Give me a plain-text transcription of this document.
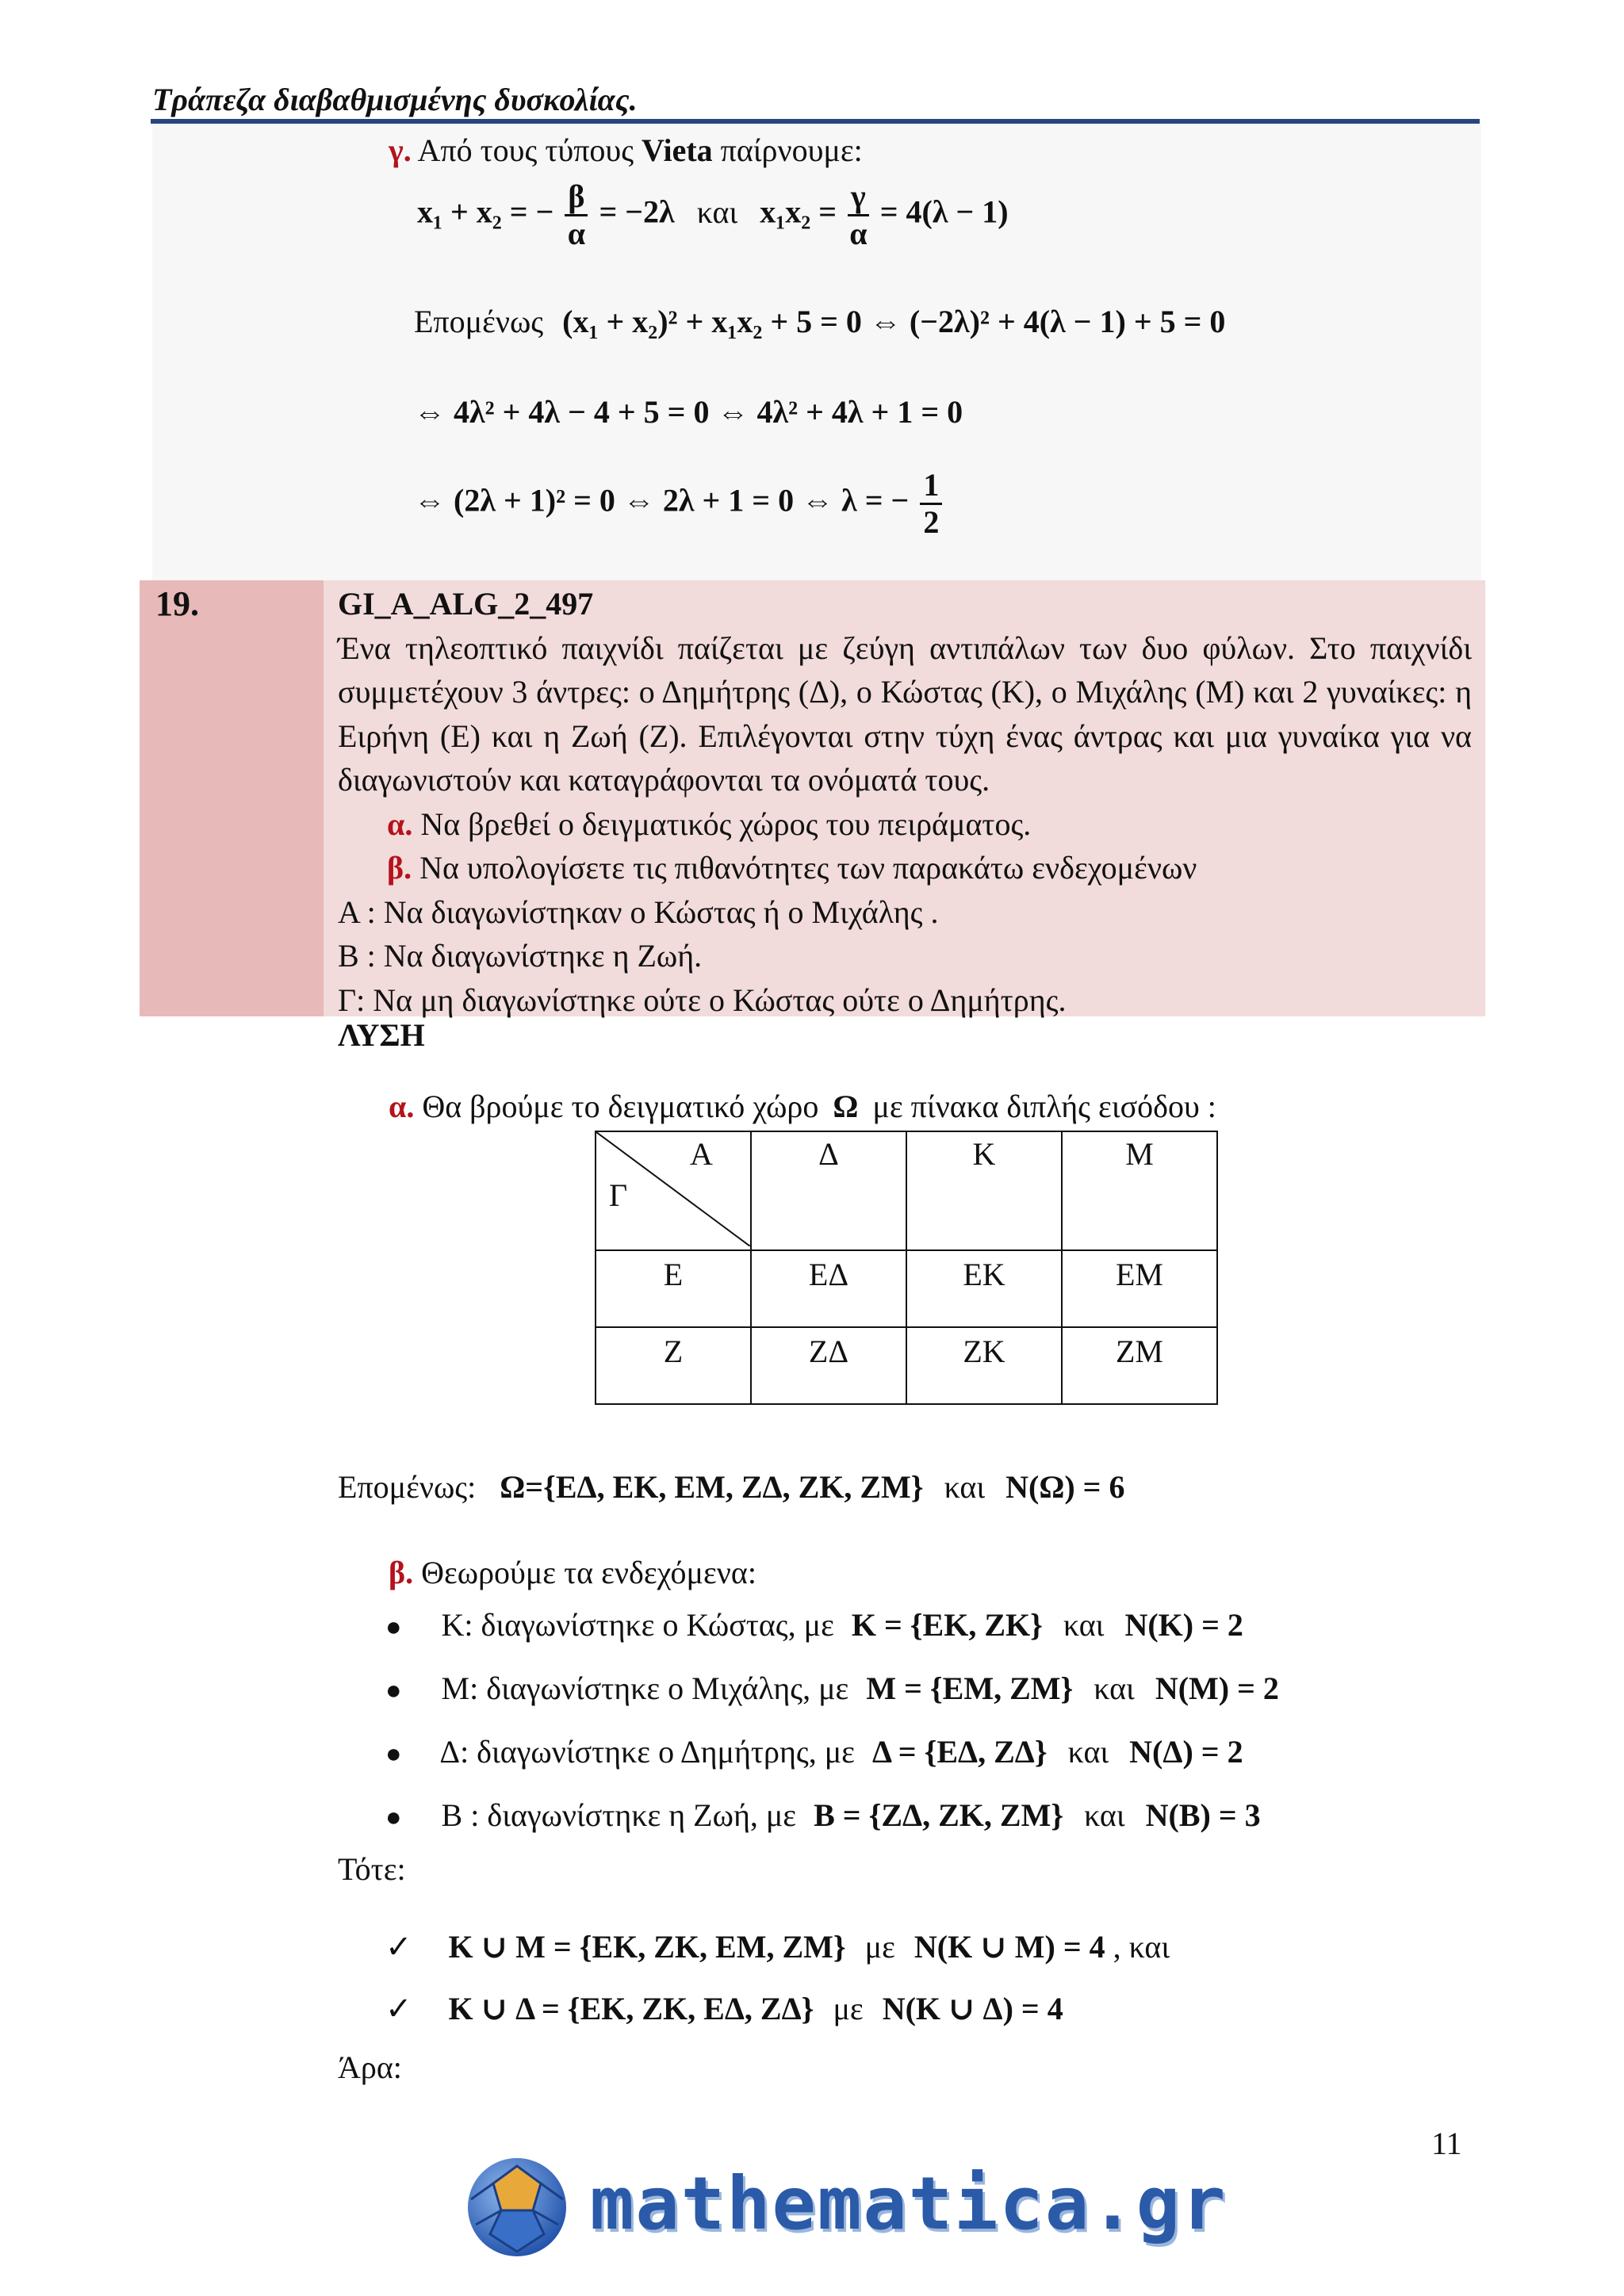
Τράπεζα διαβαθμισμένης δυσκολίας.
γ. Από τους τύπους Vieta παίρνουμε:
x₁ + x₂ = − $\frac{\beta}{\alpha} = -2\lambda$ και $x_1x_2 = \frac{\gamma}{\alpha} = 4(\lambda - 1)$
Επομένως (x₁ + x₂)² + x₁x₂ + 5 = 0 ⇔ (−2λ)² + 4(λ − 1) + 5 = 0
⇔ 4λ² + 4λ − 4 + 5 = 0 ⇔ 4λ² + 4λ + 1 = 0
⇔ (2λ + 1)² = 0 ⇔ 2λ + 1 = 0 ⇔ λ = − $\frac{1}{2}$
19.	GI_A_ALG_2_497

Ένα τηλεοπτικό παιχνίδι παίζεται με ζεύγη αντιπάλων των δυο φύλων. Στο παιχνίδι συμμετέχουν 3 άντρες: ο Δημήτρης (Δ), ο Κώστας (Κ), ο Μιχάλης (Μ) και 2 γυναίκες: η Ειρήνη (Ε) και η Ζωή (Ζ). Επιλέγονται στην τύχη ένας άντρας και μια γυναίκα για να διαγωνιστούν και καταγράφονται τα ονόματά τους.

α. Να βρεθεί ο δειγματικός χώρος του πειράματος.

β. Να υπολογίσετε τις πιθανότητες των παρακάτω ενδεχομένων

Α : Να διαγωνίστηκαν ο Κώστας ή ο Μιχάλης .

Β : Να διαγωνίστηκε η Ζωή.

Γ: Να μη διαγωνίστηκε ούτε ο Κώστας ούτε ο Δημήτρης.

ΛΥΣΗ
α. Θα βρούμε το δειγματικό χώρο Ω με πίνακα διπλής εισόδου :
Α
Γ	Δ	Κ	Μ
Ε	ΕΔ	ΕΚ	ΕΜ
Ζ	ΖΔ	ΖΚ	ΖΜ
Επομένως: Ω={ΕΔ, ΕΚ, ΕΜ, ΖΔ, ΖΚ, ΖΜ} και N(Ω) = 6
β. Θεωρούμε τα ενδεχόμενα:
● Κ: διαγωνίστηκε ο Κώστας, με K = {EK, ZK} και N(K) = 2
● Μ: διαγωνίστηκε ο Μιχάλης, με M = {EM, ZM} και N(M) = 2
● Δ: διαγωνίστηκε ο Δημήτρης, με Δ = {EΔ, ZΔ} και N(Δ) = 2
● Β : διαγωνίστηκε η Ζωή, με B = {ZΔ, ZK, ZM} και N(B) = 3
Τότε:
✓ K ∪ M = {EK, ZK, EM, ZM} με N(K ∪ M) = 4 , και
✓ K ∪ Δ = {EK, ZK, EΔ, ZΔ} με N(K ∪ Δ) = 4
Άρα:
11
mathematica.gr
